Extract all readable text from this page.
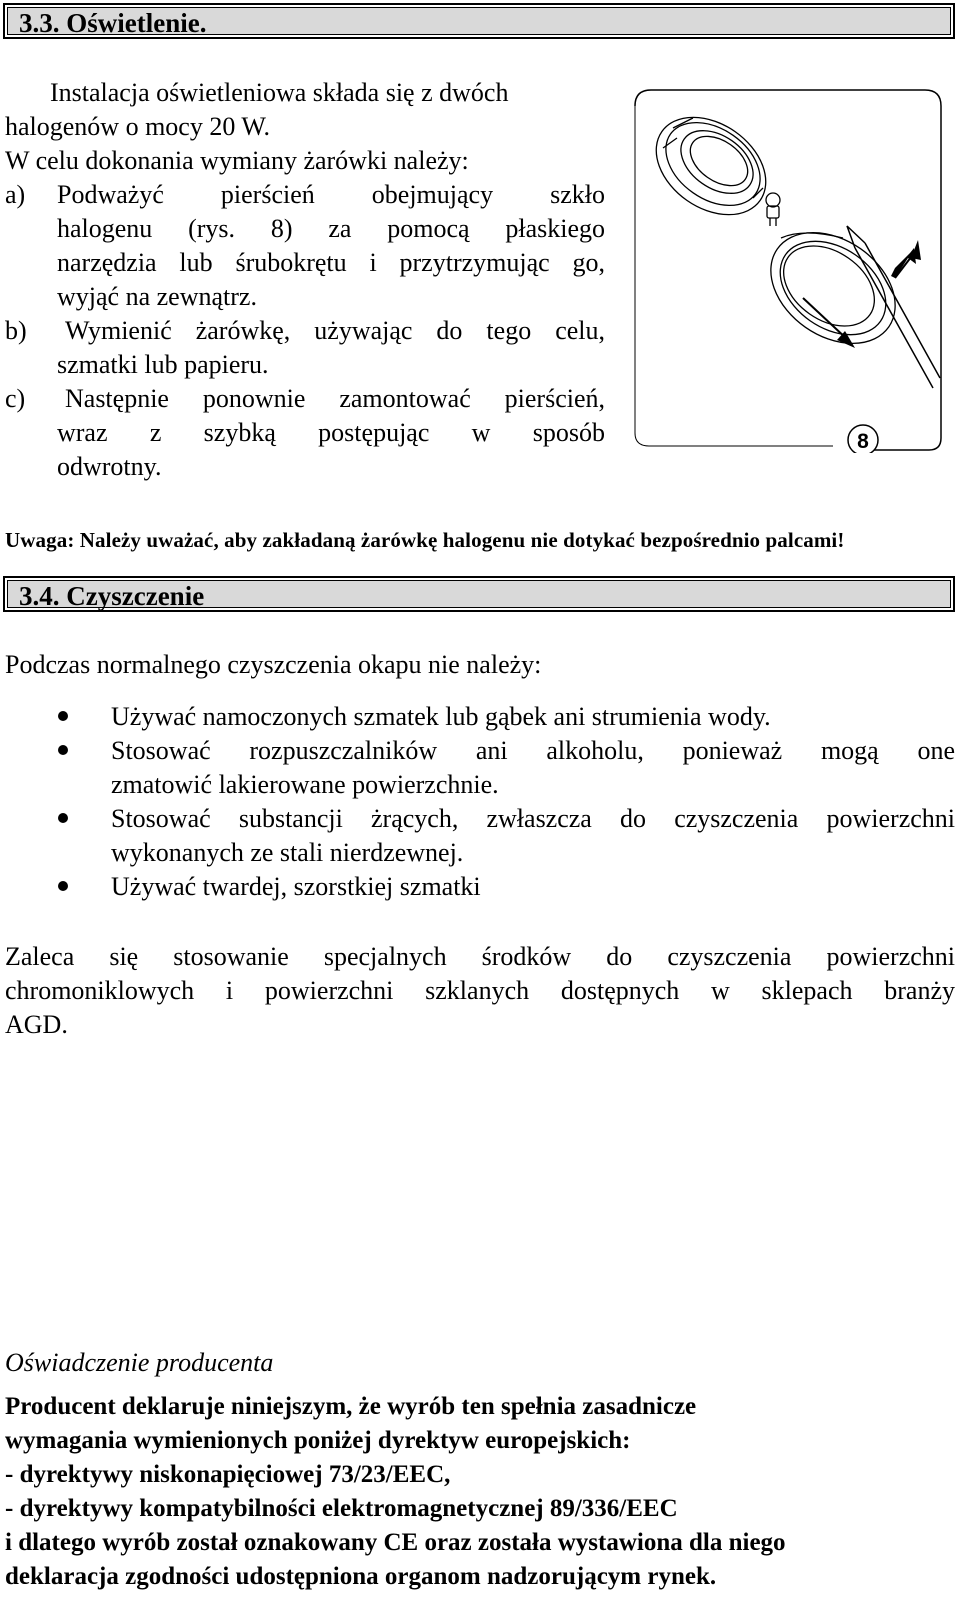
3.3. Oświetlenie.
Instalacja oświetleniowa składa się z dwóch
halogenów o mocy 20 W.
W celu dokonania wymiany żarówki należy:
a) Podważyć pierścień obejmujący szkło
halogenu (rys. 8) za pomocą płaskiego
narzędzia lub śrubokrętu i przytrzymując go,
wyjąć na zewnątrz.
b) Wymienić żarówkę, używając do tego celu,
szmatki lub papieru.
c) Następnie ponownie zamontować pierścień,
wraz z szybką postępując w sposób
odwrotny.
8
Uwaga: Należy uważać, aby zakładaną żarówkę halogenu nie dotykać bezpośrednio palcami!
3.4. Czyszczenie
Podczas normalnego czyszczenia okapu nie należy:
Używać namoczonych szmatek lub gąbek ani strumienia wody.
Stosować rozpuszczalników ani alkoholu, ponieważ mogą one
zmatowić lakierowane powierzchnie.
Stosować substancji żrących, zwłaszcza do czyszczenia powierzchni
wykonanych ze stali nierdzewnej.
Używać twardej, szorstkiej szmatki
Zaleca się stosowanie specjalnych środków do czyszczenia powierzchni
chromoniklowych i powierzchni szklanych dostępnych w sklepach branży
AGD.
Oświadczenie producenta
Producent deklaruje niniejszym, że wyrób ten spełnia zasadnicze
wymagania wymienionych poniżej dyrektyw europejskich:
- dyrektywy niskonapięciowej 73/23/EEC,
- dyrektywy kompatybilności elektromagnetycznej 89/336/EEC
i dlatego wyrób został oznakowany CE oraz została wystawiona dla niego
deklaracja zgodności udostępniona organom nadzorującym rynek.
